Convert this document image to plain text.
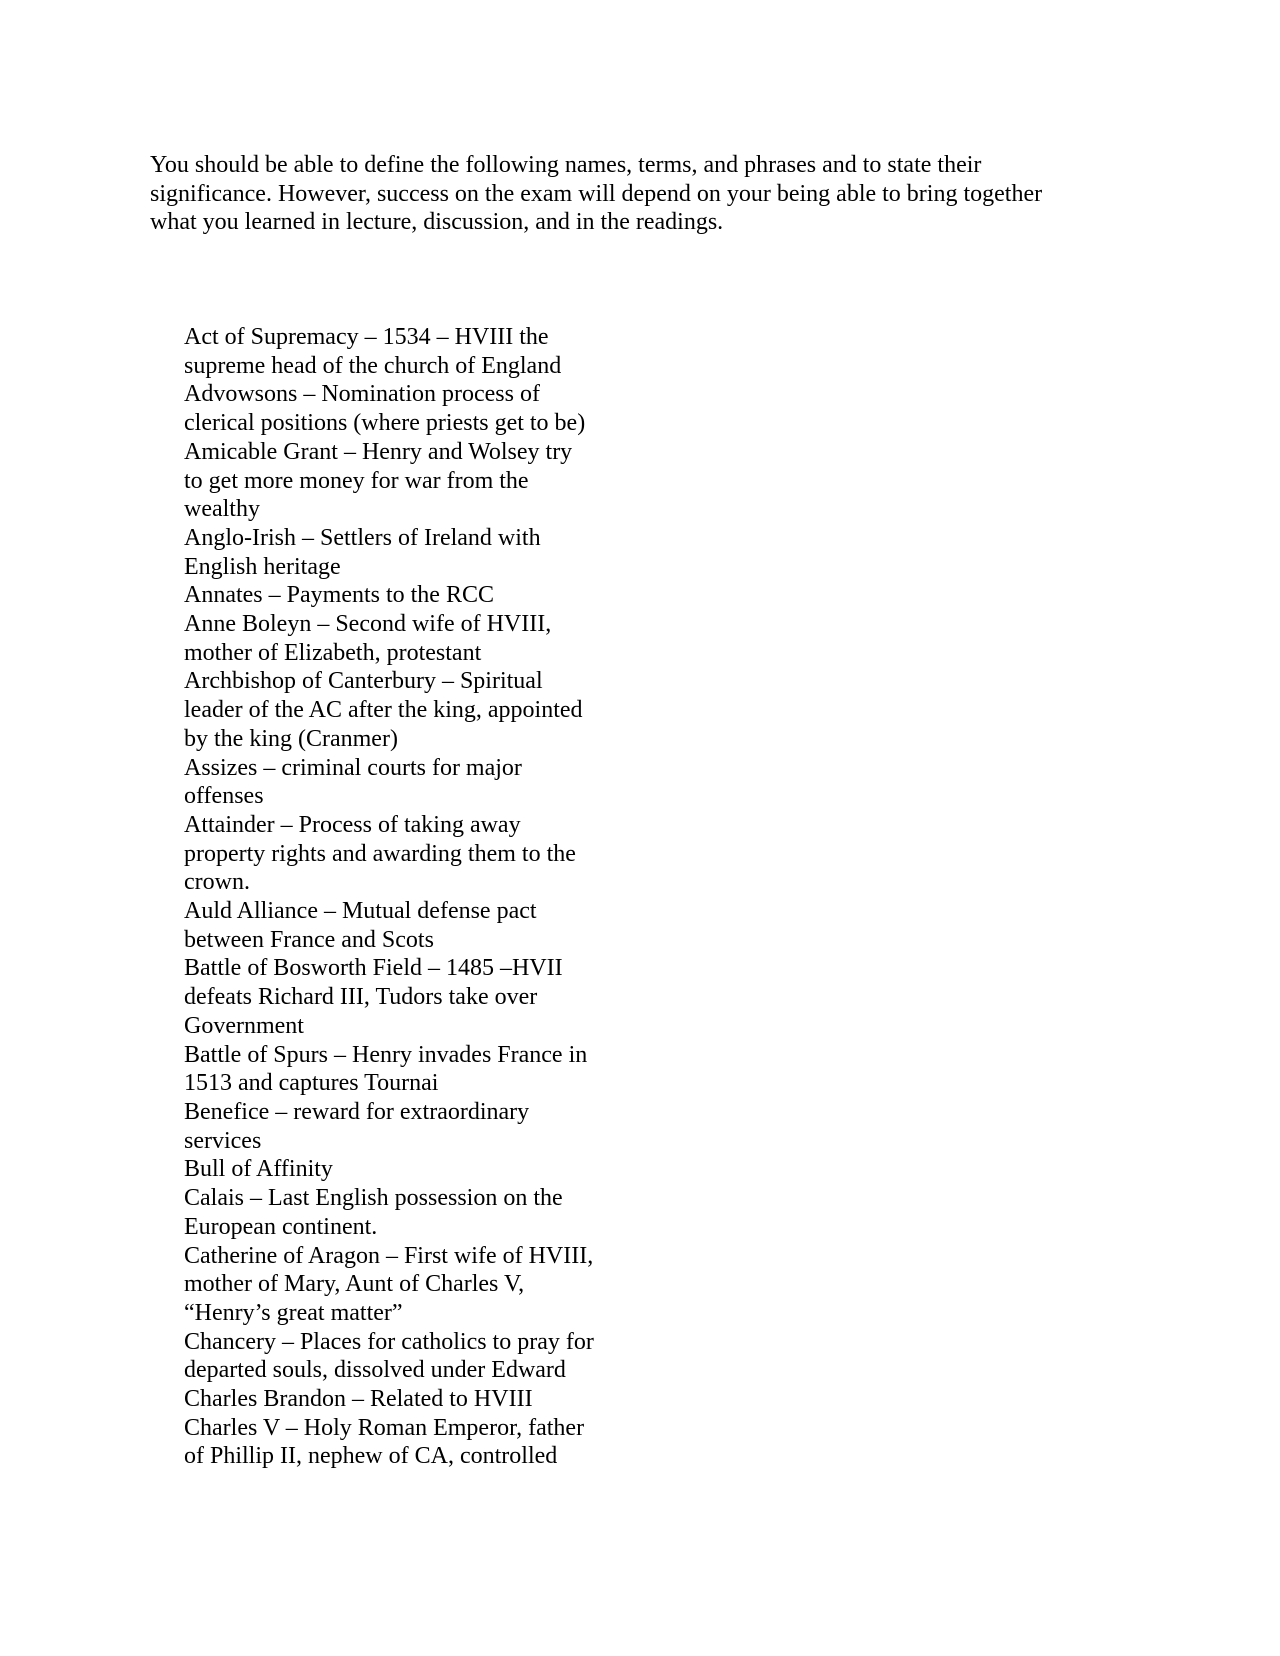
You should be able to define the following names, terms, and phrases and to state their
significance. However, success on the exam will depend on your being able to bring together
what you learned in lecture, discussion, and in the readings.
Act of Supremacy – 1534 – HVIII the
supreme head of the church of England
Advowsons – Nomination process of
clerical positions (where priests get to be)
Amicable Grant – Henry and Wolsey try
to get more money for war from the
wealthy
Anglo-Irish – Settlers of Ireland with
English heritage
Annates – Payments to the RCC
Anne Boleyn – Second wife of HVIII,
mother of Elizabeth, protestant
Archbishop of Canterbury – Spiritual
leader of the AC after the king, appointed
by the king (Cranmer)
Assizes – criminal courts for major
offenses
Attainder – Process of taking away
property rights and awarding them to the
crown.
Auld Alliance – Mutual defense pact
between France and Scots
Battle of Bosworth Field – 1485 –HVII
defeats Richard III, Tudors take over
Government
Battle of Spurs – Henry invades France in
1513 and captures Tournai
Benefice – reward for extraordinary
services
Bull of Affinity
Calais – Last English possession on the
European continent.
Catherine of Aragon – First wife of HVIII,
mother of Mary, Aunt of Charles V,
“Henry’s great matter”
Chancery – Places for catholics to pray for
departed souls, dissolved under Edward
Charles Brandon – Related to HVIII
Charles V – Holy Roman Emperor, father
of Phillip II, nephew of CA, controlled
